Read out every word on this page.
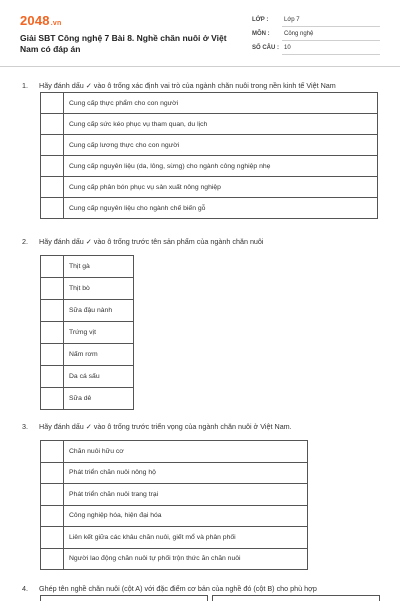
2048.vn
Giải SBT Công nghệ 7 Bài 8. Nghề chăn nuôi ở Việt Nam có đáp án
LỚP :	Lớp 7
MÔN : Công nghệ
SỐ CÂU : 10
1. Hãy đánh dấu ✓ vào ô trống xác định vai trò của ngành chăn nuôi trong nền kinh tế Việt Nam
	Cung cấp thực phẩm cho con người
	Cung cấp sức kéo phục vụ tham quan, du lịch
	Cung cấp lương thực cho con người
	Cung cấp nguyên liệu (da, lông, sừng) cho ngành công nghiệp nhẹ
	Cung cấp phân bón phục vụ sản xuất nông nghiệp
	Cung cấp nguyên liệu cho ngành chế biến gỗ
2. Hãy đánh dấu ✓ vào ô trống trước tên sản phẩm của ngành chăn nuôi
	Thịt gà
	Thịt bò
	Sữa đậu nành
	Trứng vịt
	Nấm rơm
	Da cá sấu
	Sữa dê
3. Hãy đánh dấu ✓ vào ô trống trước triển vọng của ngành chăn nuôi ở Việt Nam.
	Chăn nuôi hữu cơ
	Phát triển chăn nuôi nông hộ
	Phát triển chăn nuôi trang trại
	Công nghiệp hóa, hiện đại hóa
	Liên kết giữa các khâu chăn nuôi, giết mổ và phân phối
	Người lao động chăn nuôi tự phối trộn thức ăn chăn nuôi
4. Ghép tên nghề chăn nuôi (cột A) với đặc điểm cơ bản của nghề đó (cột B) cho phù hợp
